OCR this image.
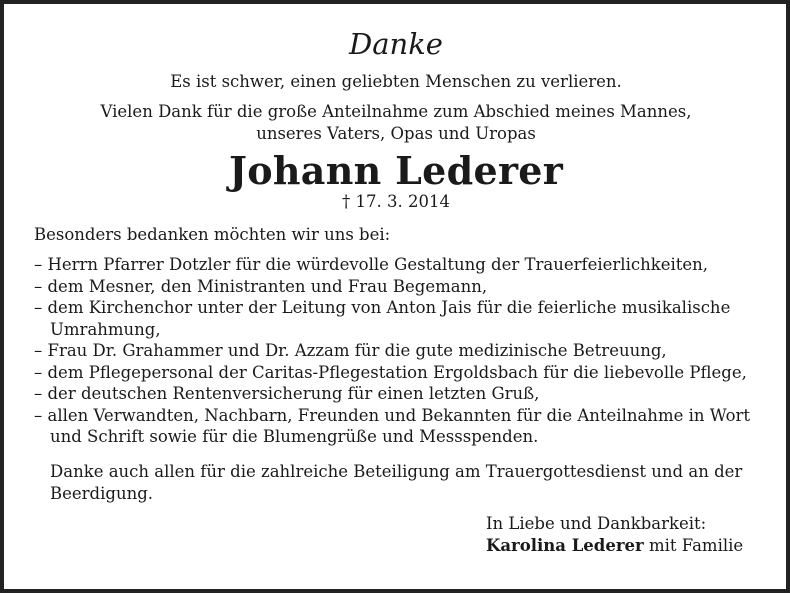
Danke

Es ist schwer, einen geliebten Menschen zu verlieren.

Vielen Dank für die große Anteilnahme zum Abschied meines Mannes,

unseres Vaters, Opas und Uropas

Johann Lederer

† 17. 3. 2014

Besonders bedanken möchten wir uns bei:

– Herrn Pfarrer Dotzler für die würdevolle Gestaltung der Trauerfeierlichkeiten,
– dem Mesner, den Ministranten und Frau Begemann,
– dem Kirchenchor unter der Leitung von Anton Jais für die feierliche musikalische Umrahmung,
– Frau Dr. Grahammer und Dr. Azzam für die gute medizinische Betreuung,
– dem Pflegepersonal der Caritas-Pflegestation Ergoldsbach für die liebevolle Pflege,
– der deutschen Rentenversicherung für einen letzten Gruß,
– allen Verwandten, Nachbarn, Freunden und Bekannten für die Anteilnahme in Wort und Schrift sowie für die Blumengrüße und Messspenden.

Danke auch allen für die zahlreiche Beteiligung am Trauergottesdienst und an der Beerdigung.

In Liebe und Dankbarkeit:

Karolina Lederer mit Familie
